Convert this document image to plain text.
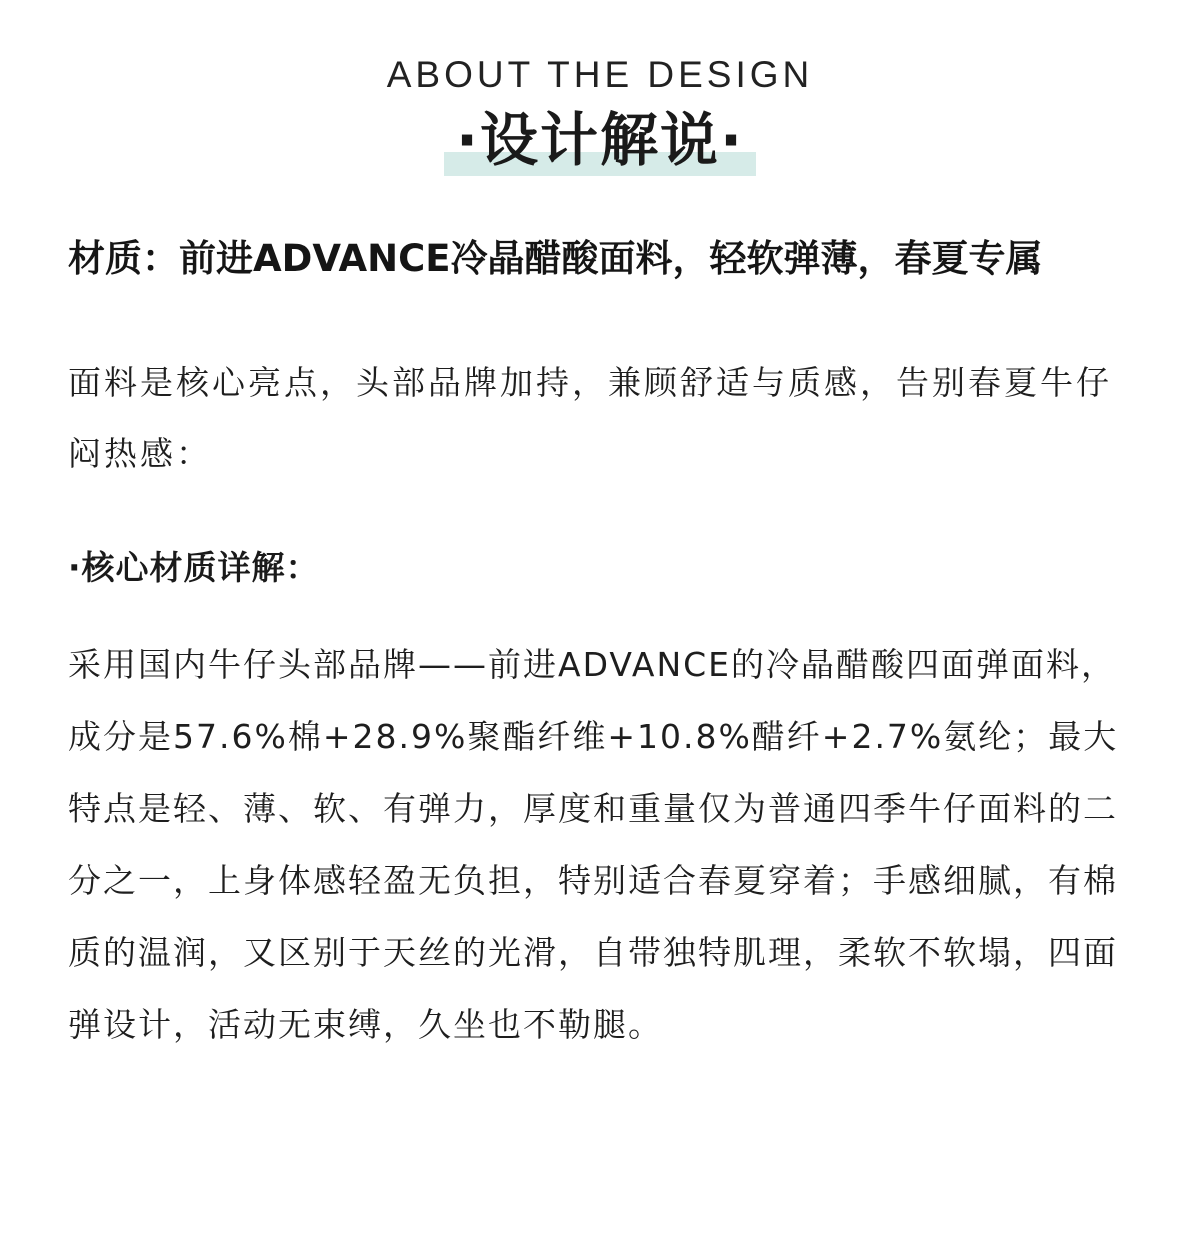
ABOUT THE DESIGN
·设计解说·

材质：前进ADVANCE冷晶醋酸面料，轻软弹薄，春夏专属

面料是核心亮点，头部品牌加持，兼顾舒适与质感，告别春夏牛仔闷热感：

·核心材质详解：

采用国内牛仔头部品牌——前进ADVANCE的冷晶醋酸四面弹面料，成分是57.6%棉+28.9%聚酯纤维+10.8%醋纤+2.7%氨纶；最大特点是轻、薄、软、有弹力，厚度和重量仅为普通四季牛仔面料的二分之一，上身体感轻盈无负担，特别适合春夏穿着；手感细腻，有棉质的温润，又区别于天丝的光滑，自带独特肌理，柔软不软塌，四面弹设计，活动无束缚，久坐也不勒腿。
